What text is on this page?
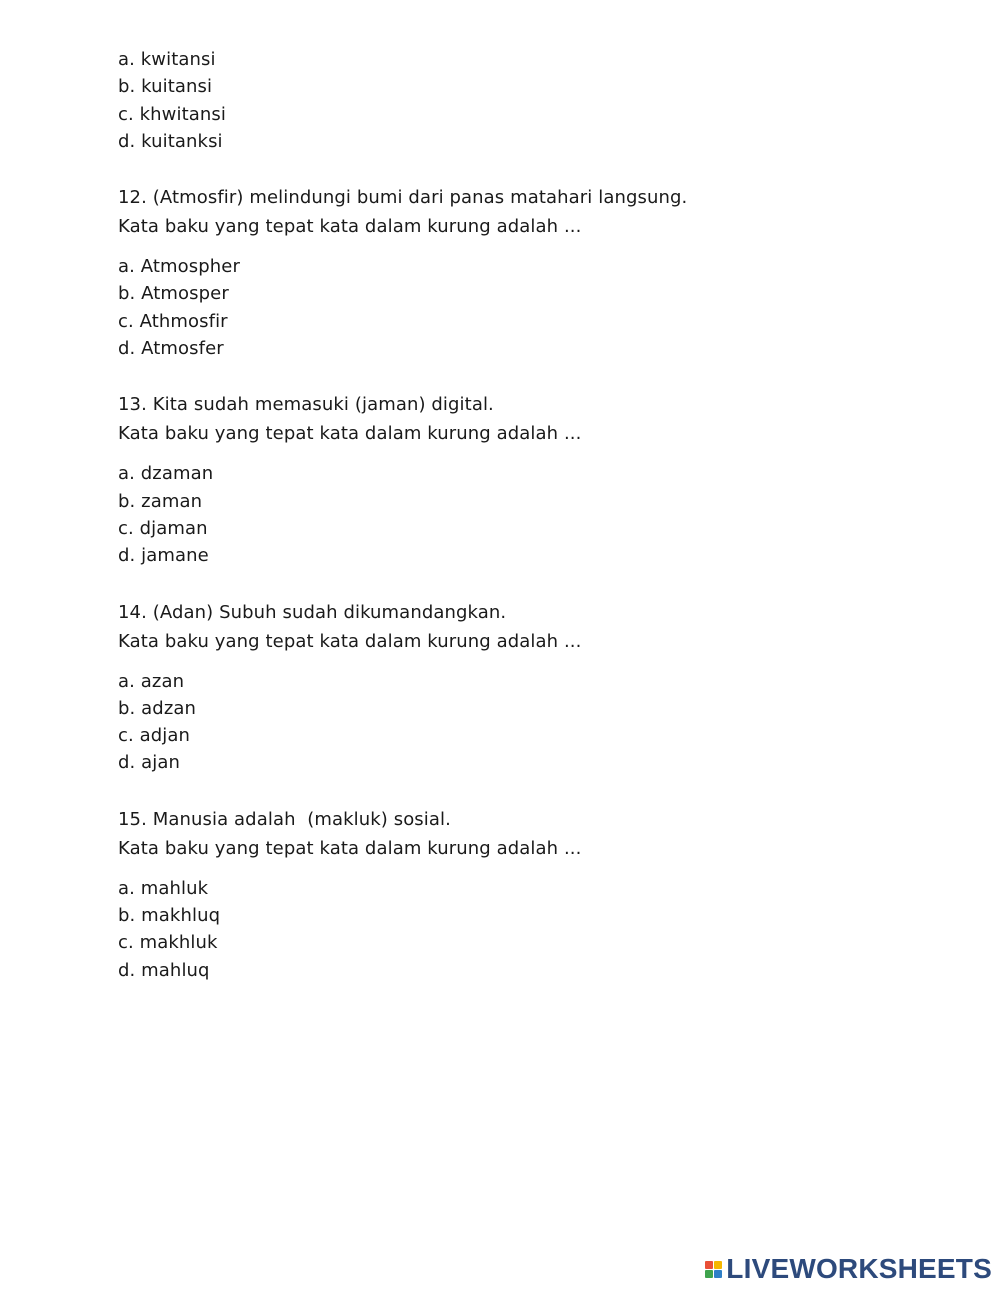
a. kwitansi
b. kuitansi
c. khwitansi
d. kuitanksi
12. (Atmosfir) melindungi bumi dari panas matahari langsung.
Kata baku yang tepat kata dalam kurung adalah ...
a. Atmospher
b. Atmosper
c. Athmosfir
d. Atmosfer
13. Kita sudah memasuki (jaman) digital.
Kata baku yang tepat kata dalam kurung adalah ...
a. dzaman
b. zaman
c. djaman
d. jamane
14. (Adan) Subuh sudah dikumandangkan.
Kata baku yang tepat kata dalam kurung adalah ...
a. azan
b. adzan
c. adjan
d. ajan
15. Manusia adalah  (makluk) sosial.
Kata baku yang tepat kata dalam kurung adalah ...
a. mahluk
b. makhluq
c. makhluk
d. mahluq
LIVEWORKSHEETS
